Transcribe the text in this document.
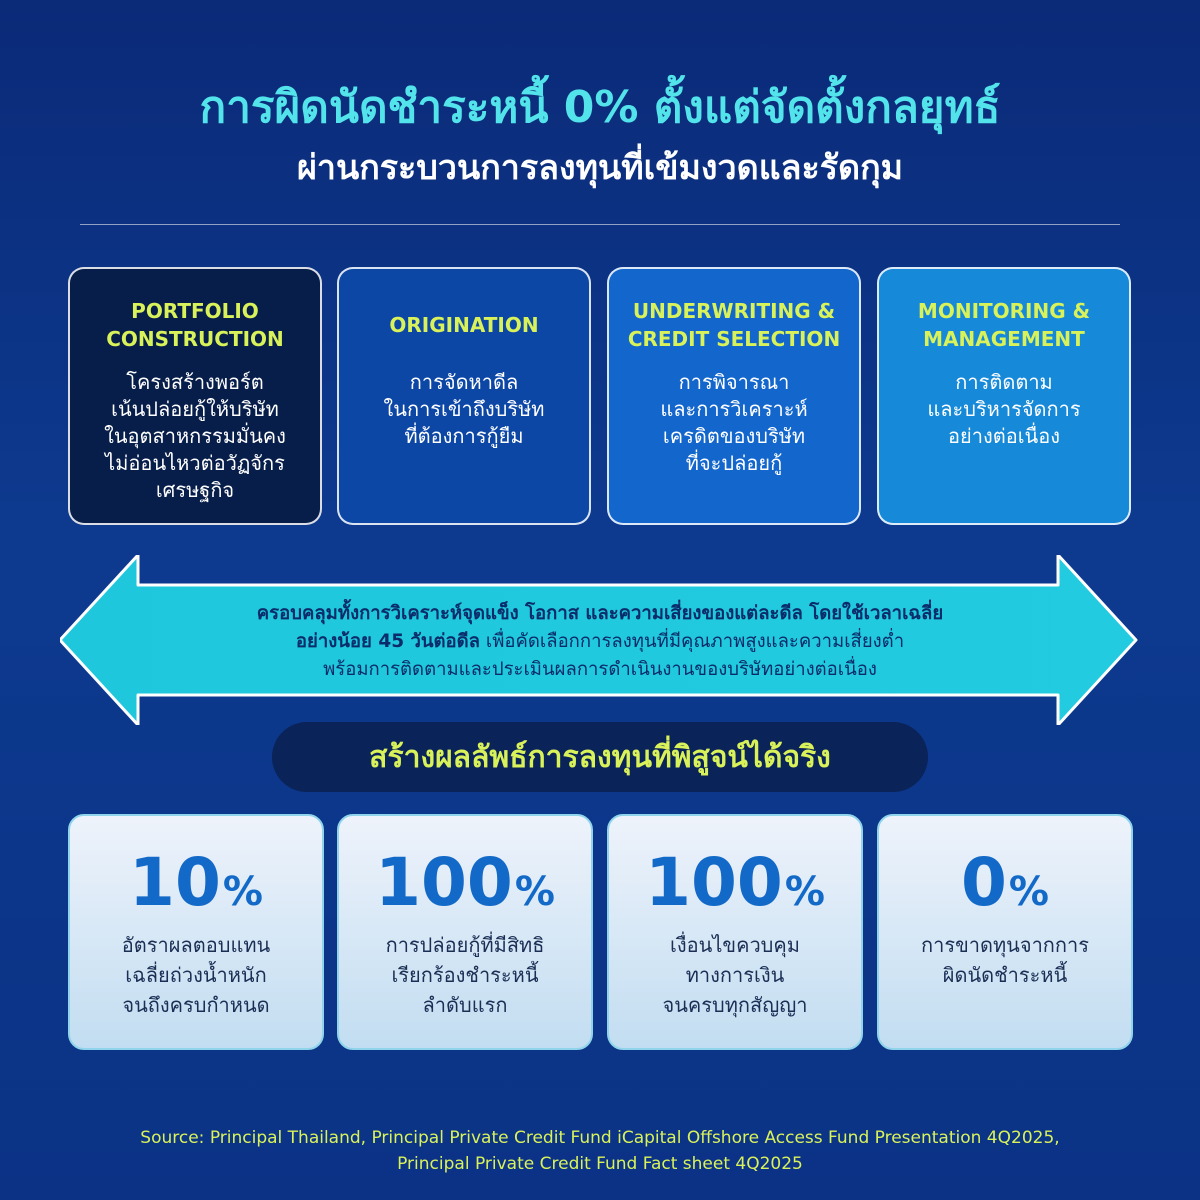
การผิดนัดชำระหนี้ 0% ตั้งแต่จัดตั้งกลยุทธ์
ผ่านกระบวนการลงทุนที่เข้มงวดและรัดกุม
PORTFOLIO
CONSTRUCTION
โครงสร้างพอร์ต
เน้นปล่อยกู้ให้บริษัท
ในอุตสาหกรรมมั่นคง
ไม่อ่อนไหวต่อวัฏจักร
เศรษฐกิจ
ORIGINATION
การจัดหาดีล
ในการเข้าถึงบริษัท
ที่ต้องการกู้ยืม
UNDERWRITING &
CREDIT SELECTION
การพิจารณา
และการวิเคราะห์
เครดิตของบริษัท
ที่จะปล่อยกู้
MONITORING &
MANAGEMENT
การติดตาม
และบริหารจัดการ
อย่างต่อเนื่อง
ครอบคลุมทั้งการวิเคราะห์จุดแข็ง โอกาส และความเสี่ยงของแต่ละดีล โดยใช้เวลาเฉลี่ย
อย่างน้อย 45 วันต่อดีล เพื่อคัดเลือกการลงทุนที่มีคุณภาพสูงและความเสี่ยงต่ำ
พร้อมการติดตามและประเมินผลการดำเนินงานของบริษัทอย่างต่อเนื่อง
สร้างผลลัพธ์การลงทุนที่พิสูจน์ได้จริง
10%
อัตราผลตอบแทน
เฉลี่ยถ่วงน้ำหนัก
จนถึงครบกำหนด
100%
การปล่อยกู้ที่มีสิทธิ
เรียกร้องชำระหนี้
ลำดับแรก
100%
เงื่อนไขควบคุม
ทางการเงิน
จนครบทุกสัญญา
0%
การขาดทุนจากการ
ผิดนัดชำระหนี้
Source: Principal Thailand, Principal Private Credit Fund iCapital Offshore Access Fund Presentation 4Q2025,
Principal Private Credit Fund Fact sheet 4Q2025
